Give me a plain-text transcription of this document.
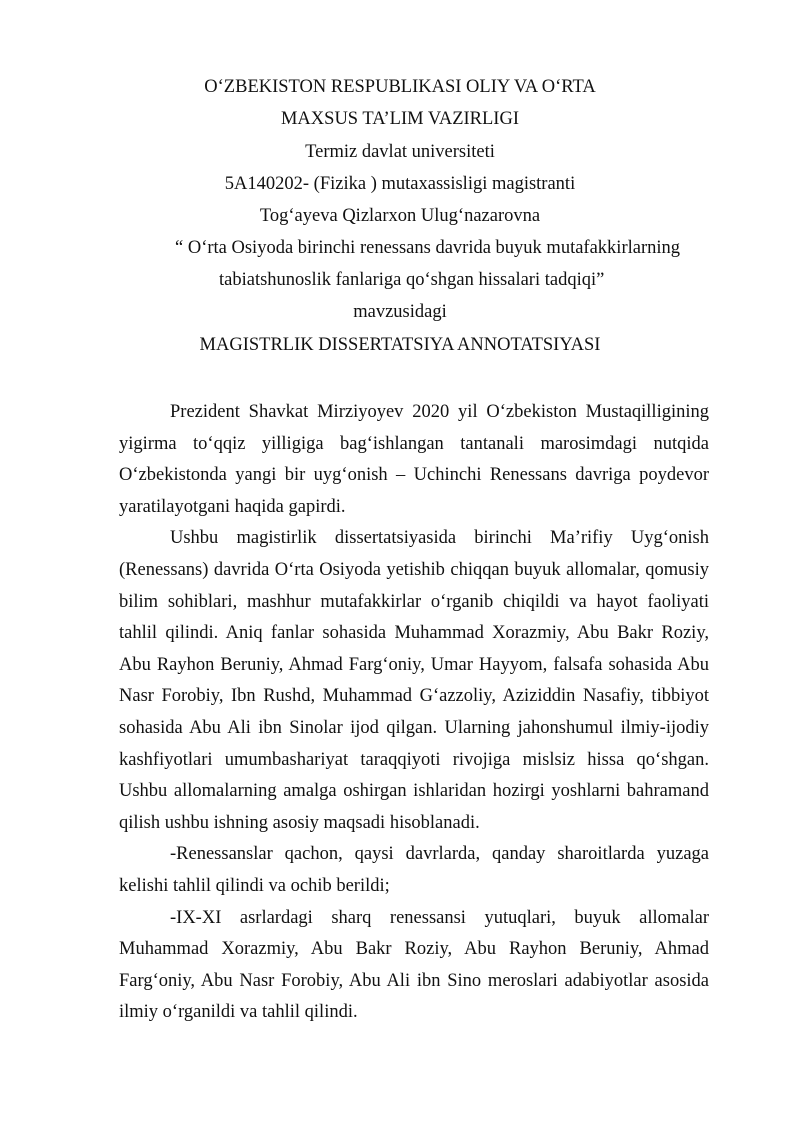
O‘ZBEKISTON RESPUBLIKASI OLIY VA O‘RTA
MAXSUS TA’LIM VAZIRLIGI
Termiz davlat universiteti
5A140202- (Fizika ) mutaxassisligi magistranti
Tog‘ayeva Qizlarxon Ulug‘nazarovna
“ O‘rta Osiyoda birinchi renessans davrida buyuk mutafakkirlarning
tabiatshunoslik fanlariga qo‘shgan hissalari tadqiqi”
mavzusidagi
MAGISTRLIK DISSERTATSIYA ANNOTATSIYASI

Prezident Shavkat Mirziyoyev 2020 yil O‘zbekiston Mustaqilligining yigirma to‘qqiz yilligiga bag‘ishlangan tantanali marosimdagi nutqida O‘zbekistonda yangi bir uyg‘onish – Uchinchi Renessans davriga poydevor yaratilayotgani haqida gapirdi.

Ushbu magistirlik dissertatsiyasida birinchi Ma’rifiy Uyg‘onish (Renessans) davrida O‘rta Osiyoda yetishib chiqqan buyuk allomalar, qomusiy bilim sohiblari, mashhur mutafakkirlar o‘rganib chiqildi va hayot faoliyati tahlil qilindi. Aniq fanlar sohasida Muhammad Xorazmiy, Abu Bakr Roziy, Abu Rayhon Beruniy, Ahmad Farg‘oniy, Umar Hayyom, falsafa sohasida Abu Nasr Forobiy, Ibn Rushd, Muhammad G‘azzoliy, Aziziddin Nasafiy, tibbiyot sohasida Abu Ali ibn Sinolar ijod qilgan. Ularning jahonshumul ilmiy-ijodiy kashfiyotlari umumbashariyat taraqqiyoti rivojiga mislsiz hissa qo‘shgan. Ushbu allomalarning amalga oshirgan ishlaridan hozirgi yoshlarni bahramand qilish ushbu ishning asosiy maqsadi hisoblanadi.

-Renessanslar qachon, qaysi davrlarda, qanday sharoitlarda yuzaga kelishi tahlil qilindi va ochib berildi;

-IX-XI asrlardagi sharq renessansi yutuqlari, buyuk allomalar Muhammad Xorazmiy, Abu Bakr Roziy, Abu Rayhon Beruniy, Ahmad Farg‘oniy, Abu Nasr Forobiy, Abu Ali ibn Sino meroslari adabiyotlar asosida ilmiy o‘rganildi va tahlil qilindi.
